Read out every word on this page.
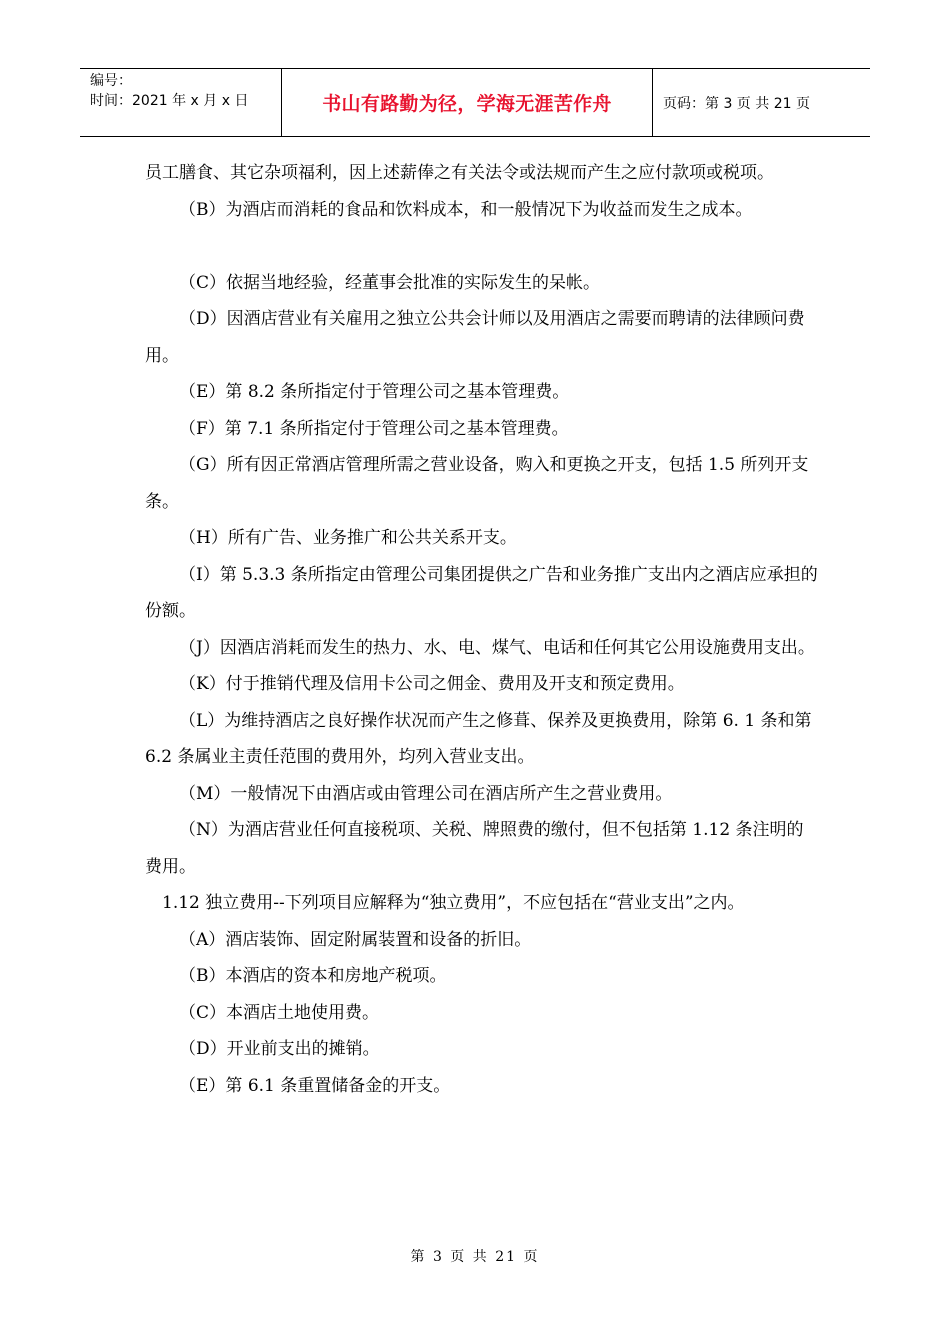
编号：
时间：2021 年 x 月 x 日	书山有路勤为径，学海无涯苦作舟	页码：第 3 页 共 21 页

员工膳食、其它杂项福利，因上述薪俸之有关法令或法规而产生之应付款项或税项。

（B）为酒店而消耗的食品和饮料成本，和一般情况下为收益而发生之成本。

（C）依据当地经验，经董事会批准的实际发生的呆帐。

（D）因酒店营业有关雇用之独立公共会计师以及用酒店之需要而聘请的法律顾问费用。

（E）第 8.2 条所指定付于管理公司之基本管理费。

（F）第 7.1 条所指定付于管理公司之基本管理费。

（G）所有因正常酒店管理所需之营业设备，购入和更换之开支，包括 1.5 所列开支条。

（H）所有广告、业务推广和公共关系开支。

（I）第 5.3.3 条所指定由管理公司集团提供之广告和业务推广支出内之酒店应承担的份额。

（J）因酒店消耗而发生的热力、水、电、煤气、电话和任何其它公用设施费用支出。

（K）付于推销代理及信用卡公司之佣金、费用及开支和预定费用。

（L）为维持酒店之良好操作状况而产生之修葺、保养及更换费用，除第 6. 1 条和第 6.2 条属业主责任范围的费用外，均列入营业支出。

（M）一般情况下由酒店或由管理公司在酒店所产生之营业费用。

（N）为酒店营业任何直接税项、关税、牌照费的缴付，但不包括第 1.12 条注明的费用。

1.12 独立费用--下列项目应解释为“独立费用”，不应包括在“营业支出”之内。

（A）酒店装饰、固定附属装置和设备的折旧。

（B）本酒店的资本和房地产税项。

（C）本酒店土地使用费。

（D）开业前支出的摊销。

（E）第 6.1 条重置储备金的开支。

第 3 页 共 21 页
